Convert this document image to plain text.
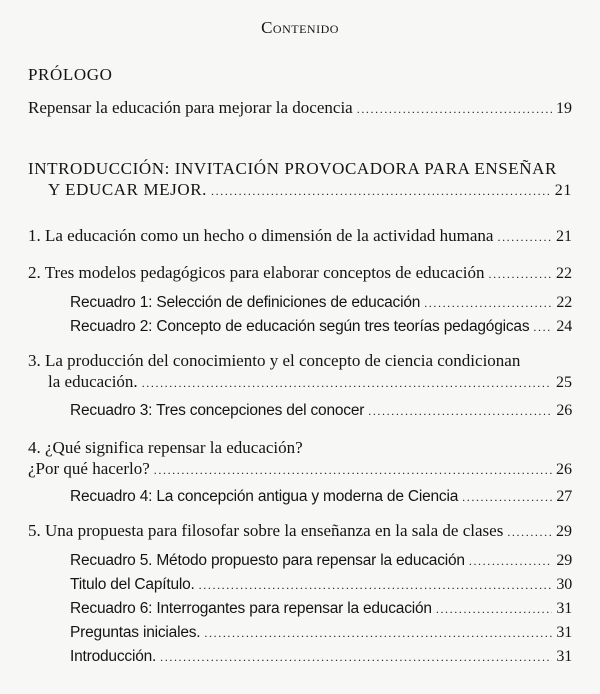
Contenido
PRÓLOGO
Repensar la educación para mejorar la docencia .....	19
INTRODUCCIÓN: INVITACIÓN PROVOCADORA PARA ENSEÑAR
Y EDUCAR MEJOR. .....	21
1. La educación como un hecho o dimensión de la actividad humana .....	21
2. Tres modelos pedagógicos para elaborar conceptos de educación .....	22
Recuadro 1: Selección de definiciones de educación .....	22
Recuadro 2: Concepto de educación según tres teorías pedagógicas ..... 24
3. La producción del conocimiento y el concepto de ciencia condicionan
la educación. .....	25
Recuadro 3: Tres concepciones del conocer .....	26
4. ¿Qué significa repensar la educación?
¿Por qué hacerlo? .....	26
Recuadro 4: La concepción antigua y moderna de Ciencia .....	27
5. Una propuesta para filosofar sobre la enseñanza en la sala de clases .....	29
Recuadro 5. Método propuesto para repensar la educación .....	29
Titulo del Capítulo. .....	30
Recuadro 6: Interrogantes para repensar la educación .....	31
Preguntas iniciales. .....	31
Introducción. .....	31
